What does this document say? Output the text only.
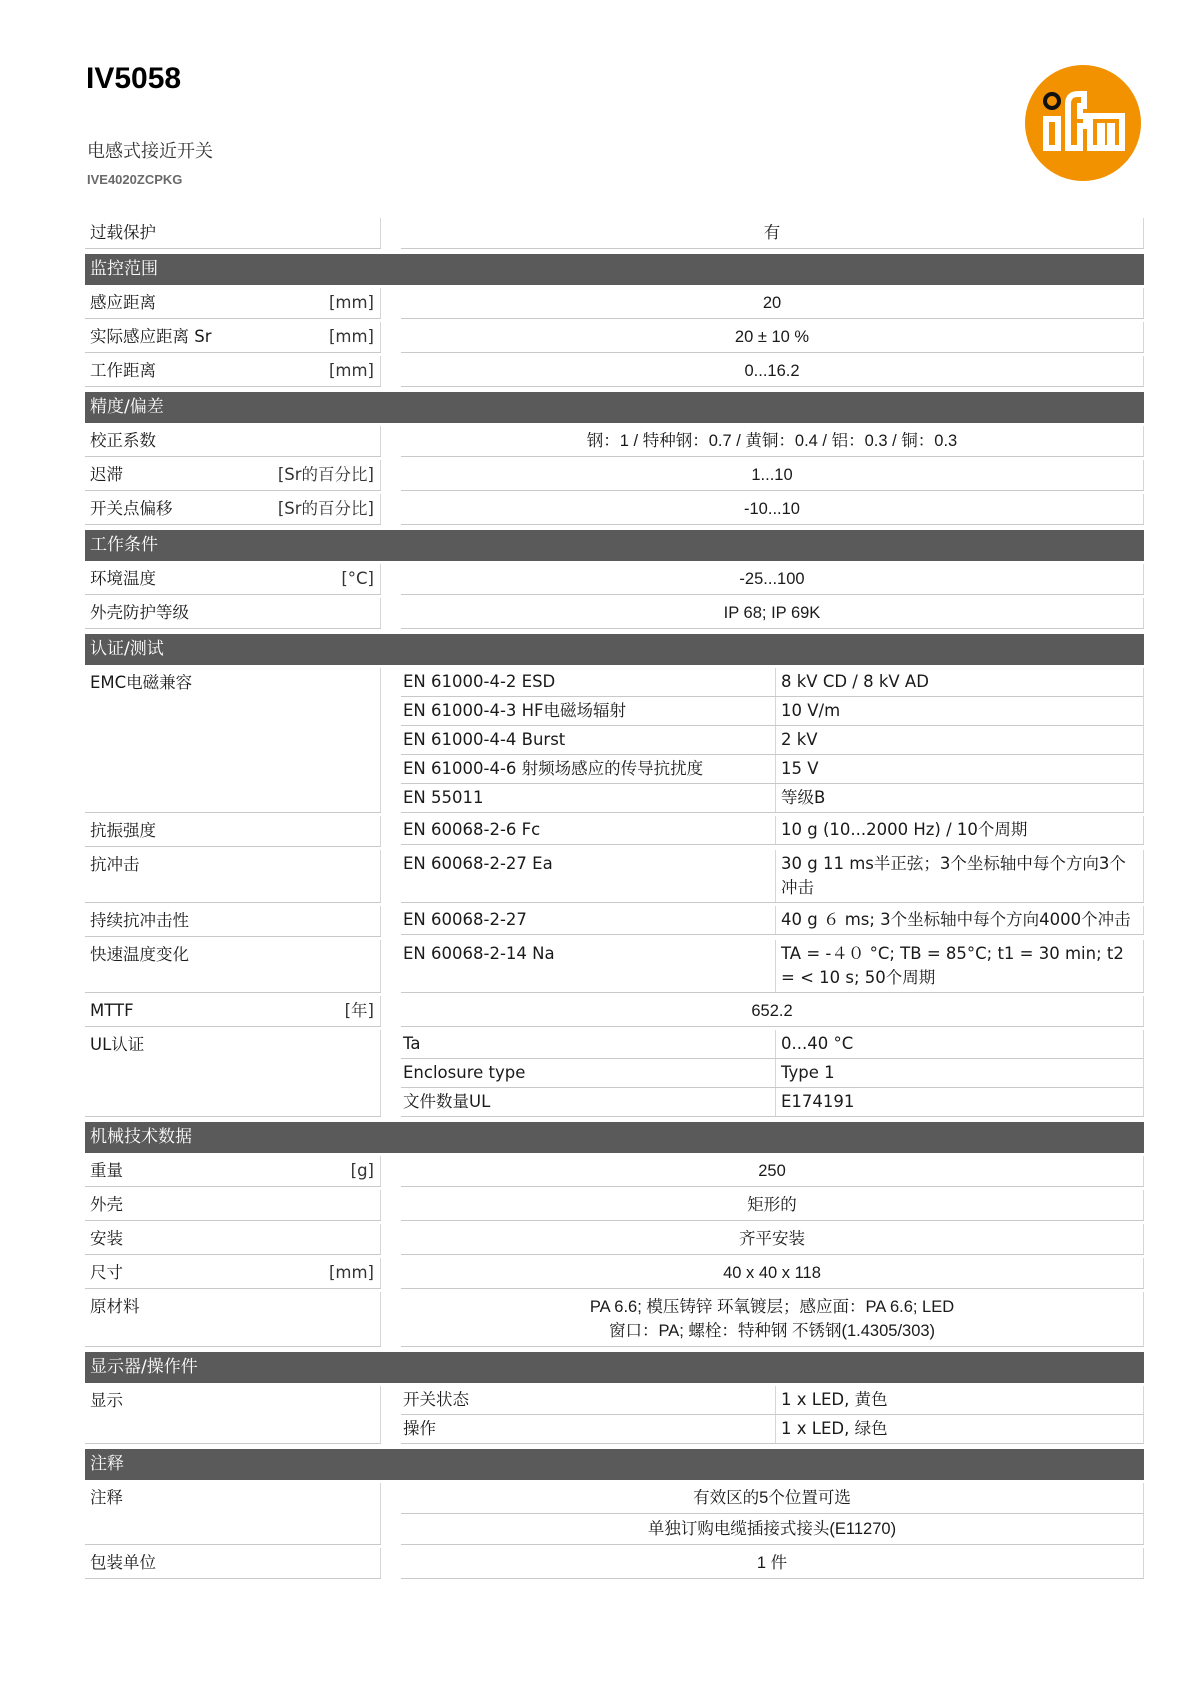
IV5058
电感式接近开关
IVE4020ZCPKG
过载保护	有
监控范围
感应距离	[mm]	20
实际感应距离 Sr	[mm]	20 ± 10 %
工作距离	[mm]	0...16.2
精度/偏差
校正系数	钢：1 / 特种钢：0.7 / 黄铜：0.4 / 铝：0.3 / 铜：0.3
迟滞	[Sr的百分比]	1...10
开关点偏移	[Sr的百分比]	-10...10
工作条件
环境温度	[°C]	-25...100
外壳防护等级	IP 68; IP 69K
认证/测试
EMC电磁兼容	EN 61000-4-2 ESD	8 kV CD / 8 kV AD
EN 61000-4-3 HF电磁场辐射	10 V/m
EN 61000-4-4 Burst	2 kV
EN 61000-4-6 射频场感应的传导抗扰度	15 V
EN 55011	等级B
抗振强度	EN 60068-2-6 Fc	10 g (10...2000 Hz) / 10个周期
抗冲击	EN 60068-2-27 Ea	30 g 11 ms半正弦；3个坐标轴中每个方向3个冲击
持续抗冲击性	EN 60068-2-27	40 g ６ ms; 3个坐标轴中每个方向4000个冲击
快速温度变化	EN 60068-2-14 Na	TA = -４０ °C; TB = 85°C; t1 = 30 min; t2 = < 10 s; 50个周期
MTTF	[年]	652.2
UL认证	Ta	0...40 °C
Enclosure type	Type 1
文件数量UL	E174191
机械技术数据
重量	[g]	250
外壳	矩形的
安装	齐平安装
尺寸	[mm]	40 x 40 x 118
原材料	PA 6.6; 模压铸锌 环氧镀层；感应面：PA 6.6; LED
窗口：PA; 螺栓：特种钢 不锈钢(1.4305/303)
显示器/操作件
显示	开关状态	1 x LED, 黄色
操作	1 x LED, 绿色
注释
注释	有效区的5个位置可选
单独订购电缆插接式接头(E11270)
包装单位	1 件
